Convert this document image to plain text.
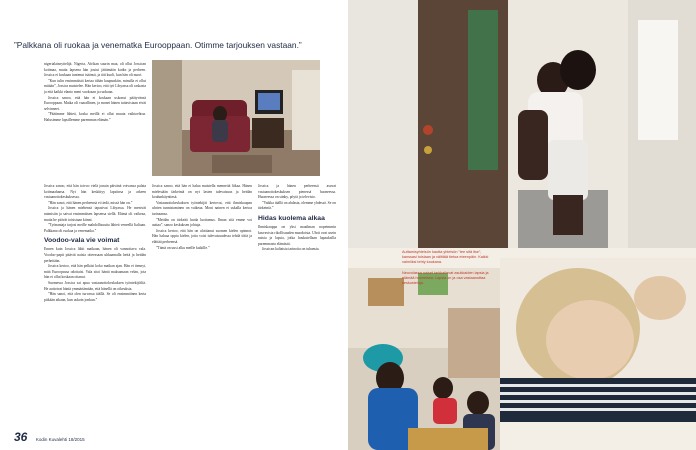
”Palkkana oli ruokaa ja venematka Eurooppaan. Otimme tarjouksen vastaan.”

nigerialaisnyttelijä. Nigeria, Afrikan suurin maa, oli ollut Jossican kotimaa, mutta lapsena hän joutui jättämään kodin ja perheen. Jossica ei koskaan tuntenut isäänsä, ja äiti kuoli, kun hän oli nuori.

”Kun tulin ensimmäistä kertaa tähän kaupunkiin, minulla ei ollut mitään”, Jossica muistelee. Hän kertoo, että työ Libyassa oli raskasta ja että kaikki elanto meni vuokraan ja ruokaan.

Jossica sanoo, että hän ei koskaan uskonut päätyvänsä Eurooppaan. Matka oli vaarallinen, ja monet hänen tuttavistaan eivät selvinneet.

”Päätimme lähteä, koska meillä ei ollut muuta vaihtoehtoa. Halusimme lapsillemme paremman elämän.”

Jossica sanoo, että hän toivoo vielä jonain päivänä voivansa palata kotimaahansa. Nyt hän keskittyy lapsiinsa ja arkeen vastaanottokeskuksessa.

”Hän sanoi, että hänen perheensä ei tiedä, missä hän on.”

Jossica ja hänen miehensä tapasivat Libyassa. He menivät naimisiin ja saivat ensimmäisen lapsensa siellä. Elämä oli vaikeaa, mutta he pitivät toisistaan kiinni.

”Työnantaja tarjosi meille mahdollisuutta lähteä veneellä Italiaan. Palkkana oli ruokaa ja venematka.”

Voodoo-vala vie voimat

Ennen kuin Jossica lähti matkaan, hänen oli vannottava vala. Voodoo-papit pitävät naisia otteessaan uhkaamalla heitä ja heidän perheitään.

Jossica kertoo, että hän pelkäsi koko matkan ajan. Hän ei tiennyt, mitä Euroopassa odottaisi. Vala sitoi häntä maksamaan velan, jota hän ei ollut koskaan ottanut.

Suomessa Jossica sai apua vastaanottokeskuksen työntekijöiltä. He auttoivat häntä ymmärtämään, että hänellä on oikeuksia.

”Hän sanoi, että olen turvassa täällä. Se oli ensimmäinen kerta pitkään aikaan, kun uskoin jonkun.”

Jossica sanoo, että hän ei halua muistella menneitä liikaa. Hänen mielestään tärkeintä on nyt lasten tulevaisuus ja heidän koulunkäyntinsä.

Vastaanottokeskuksen työntekijät kertovat, että ihmiskaupan uhrien tunnistaminen on vaikeaa. Moni nainen ei uskalla kertoa tarinaansa.

”Meidän on tärkeää luoda luottamus. Ilman sitä emme voi auttaa”, sanoo keskuksen johtaja.

Jossica kertoo, että hän on aloittanut suomen kielen opinnot. Hän haluaa oppia kielen, jotta voisi tulevaisuudessa tehdä töitä ja elättää perheensä.

”Tämä on uusi alku meille kaikille.”

Jossica ja hänen perheensä asuvat vastaanottokeskuksen pienessä huoneessa. Huoneessa on sänky, pöytä ja televisio.

”Vaikka täällä on ahdasta, olemme yhdessä. Se on tärkeintä.”

Hidas kuolema alkaa

Ihmiskauppa on yksi maailman nopeimmin kasvavista rikollisuuden muodoista. Uhrit ovat usein naisia ja lapsia, jotka houkutellaan lupauksilla paremmasta elämästä.

Jossican kaltaisia tarinoita on tuhansia.

36 Kodin Kuvalehti 18/2015

Auttamisyhteisön kautta yhteisön ”tee sitä itse”, kanssasi toisiaan ja välittää tietoa eteenpäin. Kaikki valmiiksi tehty kaukana.

Neuvolassa naiset tarkkailevat asukkaiden lapsia ja elämää huoneissa. Lapsia on ja osa vastaanottaa keskusteluja.
